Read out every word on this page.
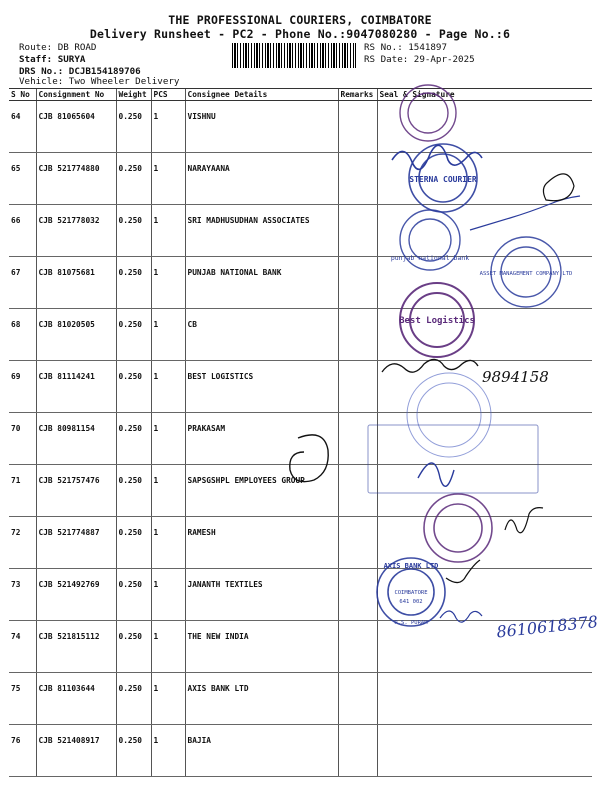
THE PROFESSIONAL COURIERS, COIMBATORE
Delivery Runsheet - PC2 - Phone No.:9047080280 - Page No.:6
Route: DB ROAD
Staff: SURYA
DRS No.: DCJB154189706
Vehicle: Two Wheeler Delivery
RS No.: 1541897
RS Date: 29-Apr-2025
S No	Consignment No	Weight	PCS	Consignee Details	Remarks	Seal & Signature
64	CJB 81065604	0.250	1	VISHNU		
65	CJB 521774880	0.250	1	NARAYAANA		
66	CJB 521778032	0.250	1	SRI MADHUSUDHAN ASSOCIATES		
67	CJB 81075681	0.250	1	PUNJAB NATIONAL BANK		
68	CJB 81020505	0.250	1	CB		
69	CJB 81114241	0.250	1	BEST LOGISTICS		
70	CJB 80981154	0.250	1	PRAKASAM		
71	CJB 521757476	0.250	1	SAPSGSHPL EMPLOYEES GROUP		
72	CJB 521774887	0.250	1	RAMESH		
73	CJB 521492769	0.250	1	JANANTH TEXTILES		
74	CJB 521815112	0.250	1	THE NEW INDIA		
75	CJB 81103644	0.250	1	AXIS BANK LTD		
76	CJB 521408917	0.250	1	BAJIA		
STERNA COURIER
punjab national bank
ASSET MANAGEMENT COMPANY LTD
Best Logistics
9894158
AXIS BANK LTD
COIMBATORE
641 002
R.S. PURAM	8610618378
